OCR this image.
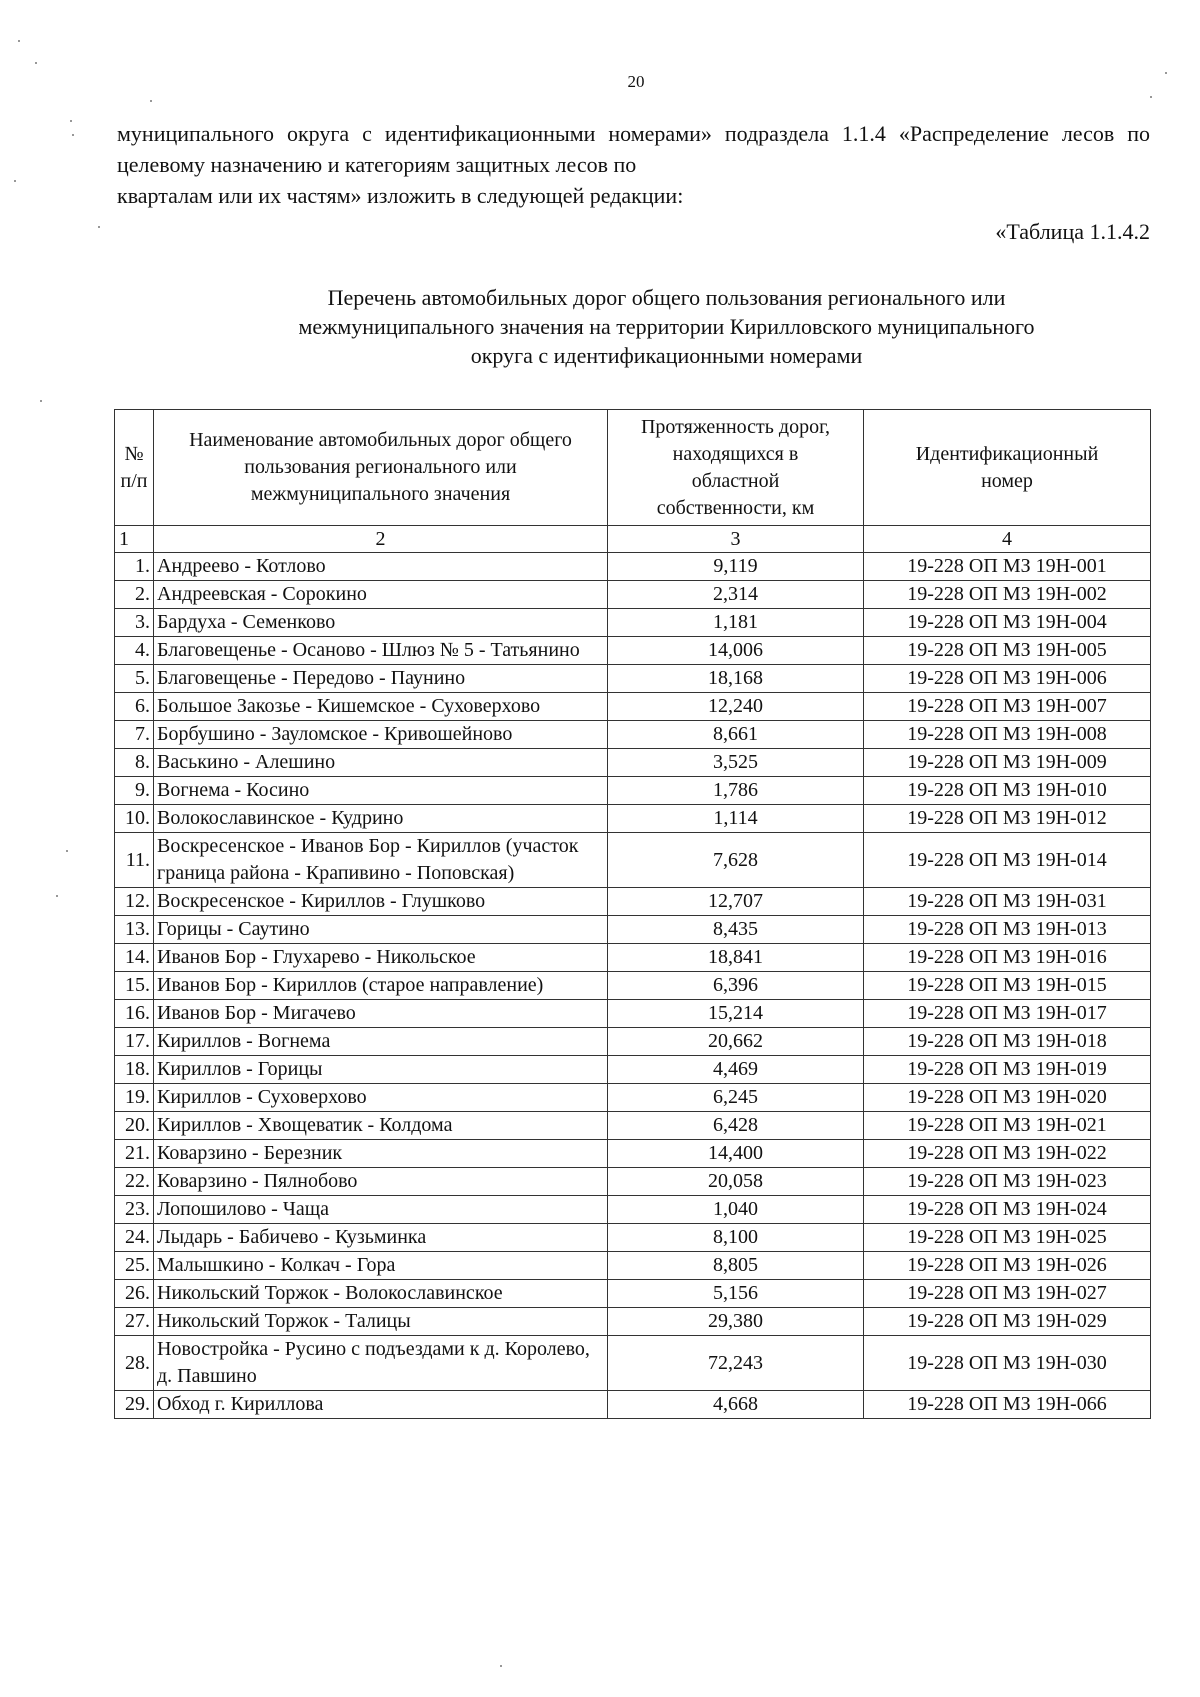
20

муниципального округа с идентификационными номерами» подраздела 1.1.4 «Распределение лесов по целевому назначению и категориям защитных лесов по

кварталам или их частям» изложить в следующей редакции:

«Таблица 1.1.4.2
Перечень автомобильных дорог общего пользования регионального или
межмуниципального значения на территории Кирилловского муниципального
округа с идентификационными номерами
№ п/п	Наименование автомобильных дорог общего пользования регионального или межмуниципального значения	Протяженность дорог, находящихся в областной собственности, км	Идентификационный номер
1	2	3	4
1.	Андреево - Котлово	9,119	19-228 ОП МЗ 19Н-001
2.	Андреевская - Сорокино	2,314	19-228 ОП МЗ 19Н-002
3.	Бардуха - Семенково	1,181	19-228 ОП МЗ 19Н-004
4.	Благовещенье - Осаново - Шлюз № 5 - Татьянино	14,006	19-228 ОП МЗ 19Н-005
5.	Благовещенье - Передово - Паунино	18,168	19-228 ОП МЗ 19Н-006
6.	Большое Закозье - Кишемское - Суховерхово	12,240	19-228 ОП МЗ 19Н-007
7.	Борбушино - Зауломское - Кривошейново	8,661	19-228 ОП МЗ 19Н-008
8.	Васькино - Алешино	3,525	19-228 ОП МЗ 19Н-009
9.	Вогнема - Косино	1,786	19-228 ОП МЗ 19Н-010
10.	Волокославинское - Кудрино	1,114	19-228 ОП МЗ 19Н-012
11.	Воскресенское - Иванов Бор - Кириллов (участок граница района - Крапивино - Поповская)	7,628	19-228 ОП МЗ 19Н-014
12.	Воскресенское - Кириллов - Глушково	12,707	19-228 ОП МЗ 19Н-031
13.	Горицы - Саутино	8,435	19-228 ОП МЗ 19Н-013
14.	Иванов Бор - Глухарево - Никольское	18,841	19-228 ОП МЗ 19Н-016
15.	Иванов Бор - Кириллов (старое направление)	6,396	19-228 ОП МЗ 19Н-015
16.	Иванов Бор - Мигачево	15,214	19-228 ОП МЗ 19Н-017
17.	Кириллов - Вогнема	20,662	19-228 ОП МЗ 19Н-018
18.	Кириллов - Горицы	4,469	19-228 ОП МЗ 19Н-019
19.	Кириллов - Суховерхово	6,245	19-228 ОП МЗ 19Н-020
20.	Кириллов - Хвощеватик - Колдома	6,428	19-228 ОП МЗ 19Н-021
21.	Коварзино - Березник	14,400	19-228 ОП МЗ 19Н-022
22.	Коварзино - Пялнобово	20,058	19-228 ОП МЗ 19Н-023
23.	Лопошилово - Чаща	1,040	19-228 ОП МЗ 19Н-024
24.	Лыдарь - Бабичево - Кузьминка	8,100	19-228 ОП МЗ 19Н-025
25.	Малышкино - Колкач - Гора	8,805	19-228 ОП МЗ 19Н-026
26.	Никольский Торжок - Волокославинское	5,156	19-228 ОП МЗ 19Н-027
27.	Никольский Торжок - Талицы	29,380	19-228 ОП МЗ 19Н-029
28.	Новостройка - Русино с подъездами к д. Королево, д. Павшино	72,243	19-228 ОП МЗ 19Н-030
29.	Обход г. Кириллова	4,668	19-228 ОП МЗ 19Н-066
